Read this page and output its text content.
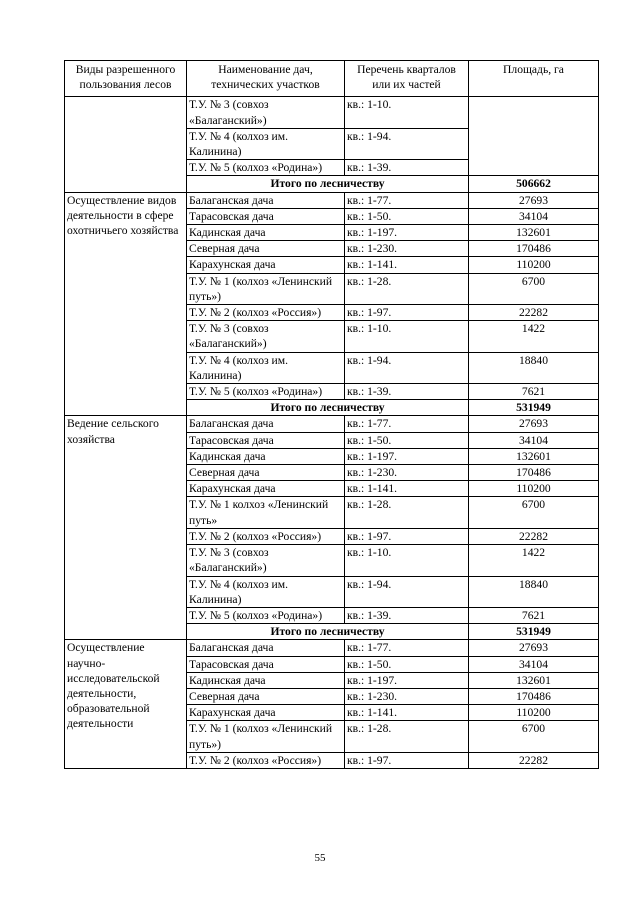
Виды разрешенного пользования лесов	Наименование дач, технических участков	Перечень кварталов или их частей	Площадь, га
	Т.У. № 3 (совхоз «Балаганский»)	кв.: 1-10.	
	Т.У. № 4 (колхоз им. Калинина)	кв.: 1-94.	
	Т.У. № 5 (колхоз «Родина»)	кв.: 1-39.	
	Итого по лесничеству		506662
Осуществление видов деятельности в сфере охотничьего хозяйства	Балаганская дача	кв.: 1-77.	27693
	Тарасовская дача	кв.: 1-50.	34104
	Кадинская дача	кв.: 1-197.	132601
	Северная дача	кв.: 1-230.	170486
	Карахунская дача	кв.: 1-141.	110200
	Т.У. № 1 (колхоз «Ленинский путь»)	кв.: 1-28.	6700
	Т.У. № 2 (колхоз «Россия»)	кв.: 1-97.	22282
	Т.У. № 3 (совхоз «Балаганский»)	кв.: 1-10.	1422
	Т.У. № 4 (колхоз им. Калинина)	кв.: 1-94.	18840
	Т.У. № 5 (колхоз «Родина»)	кв.: 1-39.	7621
	Итого по лесничеству		531949
Ведение сельского хозяйства	Балаганская дача	кв.: 1-77.	27693
	Тарасовская дача	кв.: 1-50.	34104
	Кадинская дача	кв.: 1-197.	132601
	Северная дача	кв.: 1-230.	170486
	Карахунская дача	кв.: 1-141.	110200
	Т.У. № 1 колхоз «Ленинский путь»	кв.: 1-28.	6700
	Т.У. № 2 (колхоз «Россия»)	кв.: 1-97.	22282
	Т.У. № 3 (совхоз «Балаганский»)	кв.: 1-10.	1422
	Т.У. № 4 (колхоз им. Калинина)	кв.: 1-94.	18840
	Т.У. № 5 (колхоз «Родина»)	кв.: 1-39.	7621
	Итого по лесничеству		531949
Осуществление научно-исследовательской деятельности, образовательной деятельности	Балаганская дача	кв.: 1-77.	27693
	Тарасовская дача	кв.: 1-50.	34104
	Кадинская дача	кв.: 1-197.	132601
	Северная дача	кв.: 1-230.	170486
	Карахунская дача	кв.: 1-141.	110200
	Т.У. № 1 (колхоз «Ленинский путь»)	кв.: 1-28.	6700
	Т.У. № 2 (колхоз «Россия»)	кв.: 1-97.	22282
55
